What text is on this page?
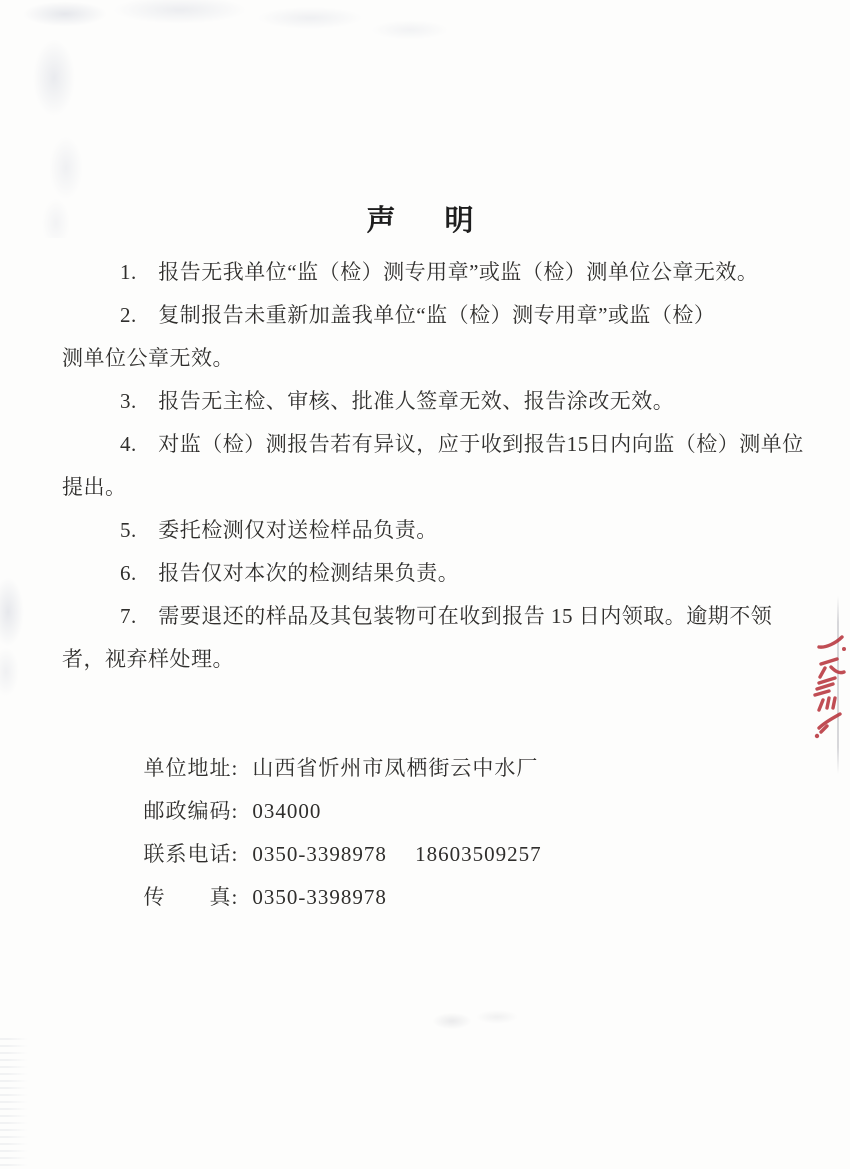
声　明
1.　报告无我单位“监（检）测专用章”或监（检）测单位公章无效。
2.　复制报告未重新加盖我单位“监（检）测专用章”或监（检）
测单位公章无效。
3.　报告无主检、审核、批准人签章无效、报告涂改无效。
4.　对监（检）测报告若有异议，应于收到报告15日内向监（检）测单位
提出。
5.　委托检测仅对送检样品负责。
6.　报告仅对本次的检测结果负责。
7.　需要退还的样品及其包装物可在收到报告 15 日内领取。逾期不领
者，视弃样处理。

单位地址: 山西省忻州市凤栖街云中水厂

邮政编码: 034000

联系电话: 0350-3398978　 18603509257

传　　真: 0350-3398978
